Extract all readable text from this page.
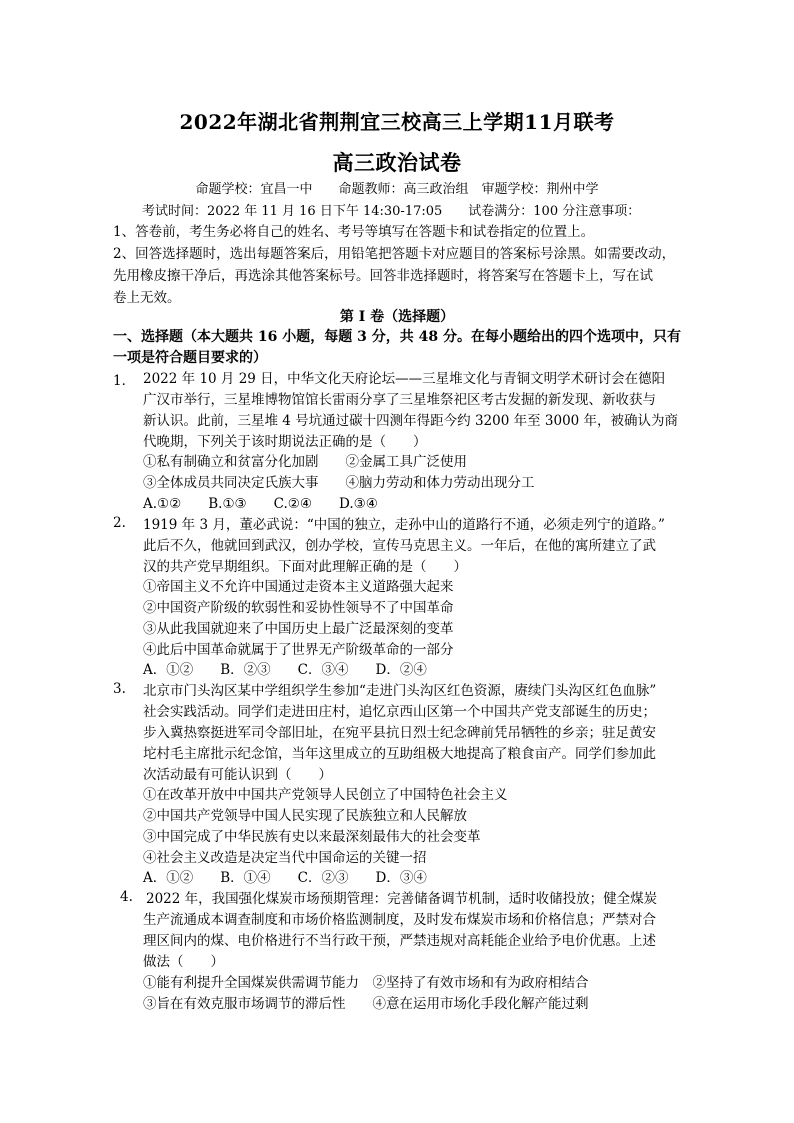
2022年湖北省荆荆宜三校高三上学期11月联考
高三政治试卷
命题学校：宜昌一中　　命题教师：高三政治组　审题学校：荆州中学
考试时间：2022 年 11 月 16 日下午 14:30-17:05　　试卷满分：100 分注意事项：
1、答卷前，考生务必将自己的姓名、考号等填写在答题卡和试卷指定的位置上。
2、回答选择题时，选出每题答案后，用铅笔把答题卡对应题目的答案标号涂黑。如需要改动，
先用橡皮擦干净后，再选涂其他答案标号。回答非选择题时，将答案写在答题卡上，写在试
卷上无效。
第 I 卷（选择题）
一、选择题（本大题共 16 小题，每题 3 分，共 48 分。在每小题给出的四个选项中，只有
一项是符合题目要求的）
1． 2022 年 10 月 29 日，中华文化天府论坛——三星堆文化与青铜文明学术研讨会在德阳
广汉市举行，三星堆博物馆馆长雷雨分享了三星堆祭祀区考古发掘的新发现、新收获与
新认识。此前，三星堆 4 号坑通过碳十四测年得距今约 3200 年至 3000 年，被确认为商
代晚期，下列关于该时期说法正确的是（　　）
①私有制确立和贫富分化加剧　　②金属工具广泛使用
③全体成员共同决定氏族大事　　④脑力劳动和体力劳动出现分工
A.①②　　B.①③　　C.②④　　D.③④
2. 1919 年 3 月，董必武说：“中国的独立，走孙中山的道路行不通，必须走列宁的道路。”
此后不久，他就回到武汉，创办学校，宣传马克思主义。一年后，在他的寓所建立了武
汉的共产党早期组织。下面对此理解正确的是（　　）
①帝国主义不允许中国通过走资本主义道路强大起来
②中国资产阶级的软弱性和妥协性领导不了中国革命
③从此我国就迎来了中国历史上最广泛最深刻的变革
④此后中国革命就属于了世界无产阶级革命的一部分
A．①②　　B．②③　　C．③④　　D．②④
3. 北京市门头沟区某中学组织学生参加“走进门头沟区红色资源，赓续门头沟区红色血脉”
社会实践活动。同学们走进田庄村，追忆京西山区第一个中国共产党支部诞生的历史；
步入冀热察挺进军司令部旧址，在宛平县抗日烈士纪念碑前凭吊牺牲的乡亲；驻足黄安
坨村毛主席批示纪念馆，当年这里成立的互助组极大地提高了粮食亩产。同学们参加此
次活动最有可能认识到（　　）
①在改革开放中中国共产党领导人民创立了中国特色社会主义
②中国共产党领导中国人民实现了民族独立和人民解放
③中国完成了中华民族有史以来最深刻最伟大的社会变革
④社会主义改造是决定当代中国命运的关键一招
A．①②　　B．①④　　C．②③　　D．③④
4. 2022 年，我国强化煤炭市场预期管理：完善储备调节机制，适时收储投放；健全煤炭
生产流通成本调查制度和市场价格监测制度，及时发布煤炭市场和价格信息；严禁对合
理区间内的煤、电价格进行不当行政干预，严禁违规对高耗能企业给予电价优惠。上述
做法（　　）
①能有利提升全国煤炭供需调节能力　②坚持了有效市场和有为政府相结合
③旨在有效克服市场调节的滞后性　　④意在运用市场化手段化解产能过剩
